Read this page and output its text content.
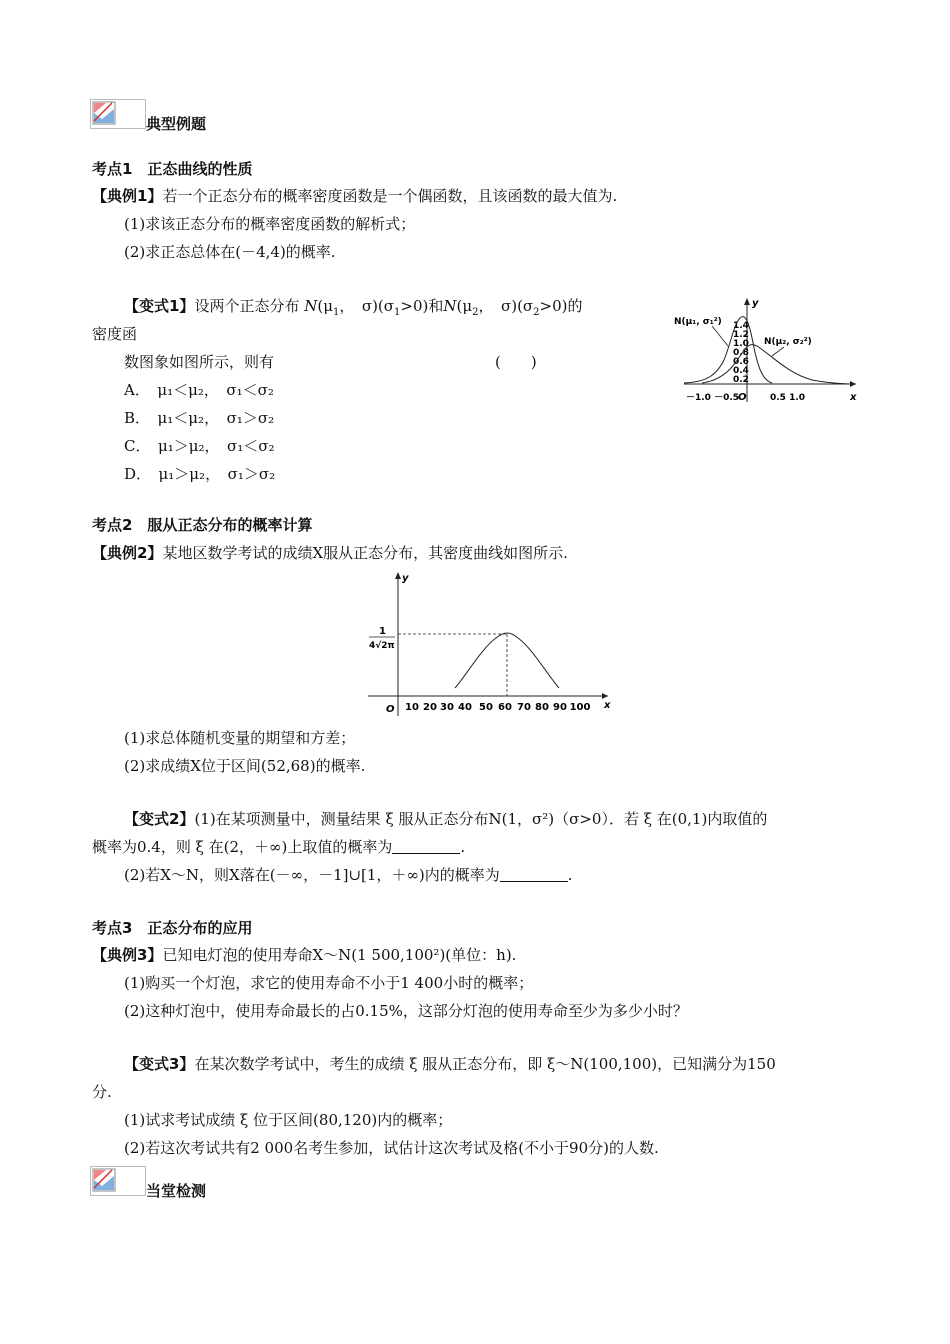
典型例题
考点1　正态曲线的性质
【典例1】若一个正态分布的概率密度函数是一个偶函数，且该函数的最大值为.
(1)求该正态分布的概率密度函数的解析式；
(2)求正态总体在(－4,4)的概率.
【变式1】设两个正态分布 $N(\mu_1$，　$\sigma)(\sigma_1>0)$和$N(\mu_2$，　$\sigma)(\sigma_2>0)$的
密度函
数图象如图所示，则有	(　　)
A．　 μ₁＜μ₂，　 σ₁＜σ₂
B．　 μ₁＜μ₂，　 σ₁＞σ₂
C．　 μ₁＞μ₂，　 σ₁＜σ₂
D．　 μ₁＞μ₂，　 σ₁＞σ₂
y
x
1.4
1.2
1.0
0.8
0.6
0.4
0.2
－1.0 －0.5
O	0.5 1.0
N(μ₁, σ₁²)
N(μ₂, σ₂²)
考点2　服从正态分布的概率计算
【典例2】某地区数学考试的成绩X服从正态分布，其密度曲线如图所示.
y
x
O
1
4√2π
10 20 30 40 50 60 70 80 90 100
(1)求总体随机变量的期望和方差；
(2)求成绩X位于区间(52,68)的概率.
【变式2】(1)在某项测量中，测量结果 ξ 服从正态分布N(1，σ²)（σ>0）．若 ξ 在(0,1)内取值的
概率为0.4，则 ξ 在(2，＋∞)上取值的概率为	.
(2)若X～N，则X落在(－∞，－1]∪[1，＋∞)内的概率为	.
考点3　正态分布的应用
【典例3】已知电灯泡的使用寿命X～N(1 500,100²)(单位：h).
(1)购买一个灯泡，求它的使用寿命不小于1 400小时的概率；
(2)这种灯泡中，使用寿命最长的占0.15%，这部分灯泡的使用寿命至少为多少小时？
【变式3】在某次数学考试中，考生的成绩 ξ 服从正态分布，即 ξ～N(100,100)，已知满分为150
分.
(1)试求考试成绩 ξ 位于区间(80,120)内的概率；
(2)若这次考试共有2 000名考生参加，试估计这次考试及格(不小于90分)的人数.
当堂检测
